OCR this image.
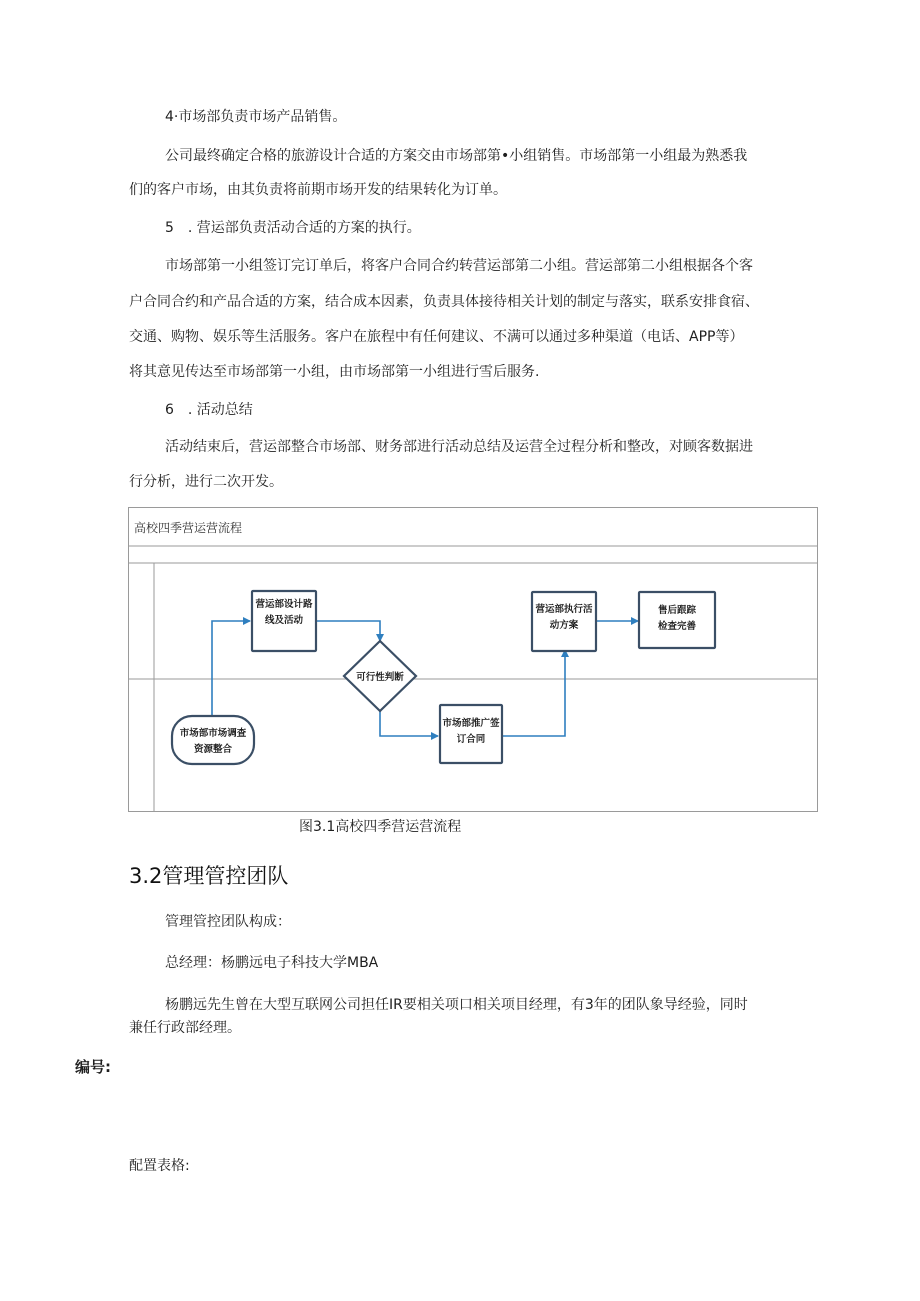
4·市场部负责市场产品销售。
公司最终确定合格的旅游设计合适的方案交由市场部第•小组销售。市场部第一小组最为熟悉我
们的客户市场，由其负责将前期市场开发的结果转化为订单。
5　. 营运部负责活动合适的方案的执行。
市场部第一小组签订完订单后，将客户合同合约转营运部第二小组。营运部第二小组根据各个客
户合同合约和产品合适的方案，结合成本因素，负责具体接待相关计划的制定与落实，联系安排食宿、
交通、购物、娱乐等生活服务。客户在旅程中有任何建议、不满可以通过多种渠道（电话、APP等）
将其意见传达至市场部第一小组，由市场部第一小组进行雪后服务.
6　. 活动总结
活动结束后，营运部整合市场部、财务部进行活动总结及运营全过程分析和整改，对顾客数据进
行分析，进行二次开发。
高校四季营运营流程
营运部设计路
线及活动
可行性判断
营运部执行活
动方案
售后跟踪
检查完善
市场部市场调查
资源整合
市场部推广签
订合同
图3.1高校四季营运营流程
3.2管理管控团队
管理管控团队构成：
总经理：杨鹏远电子科技大学MBA
杨鹏远先生曾在大型互联网公司担任IR要相关项口相关项目经理，有3年的团队象导经验，同时
兼任行政部经理。
编号:
配置表格:
